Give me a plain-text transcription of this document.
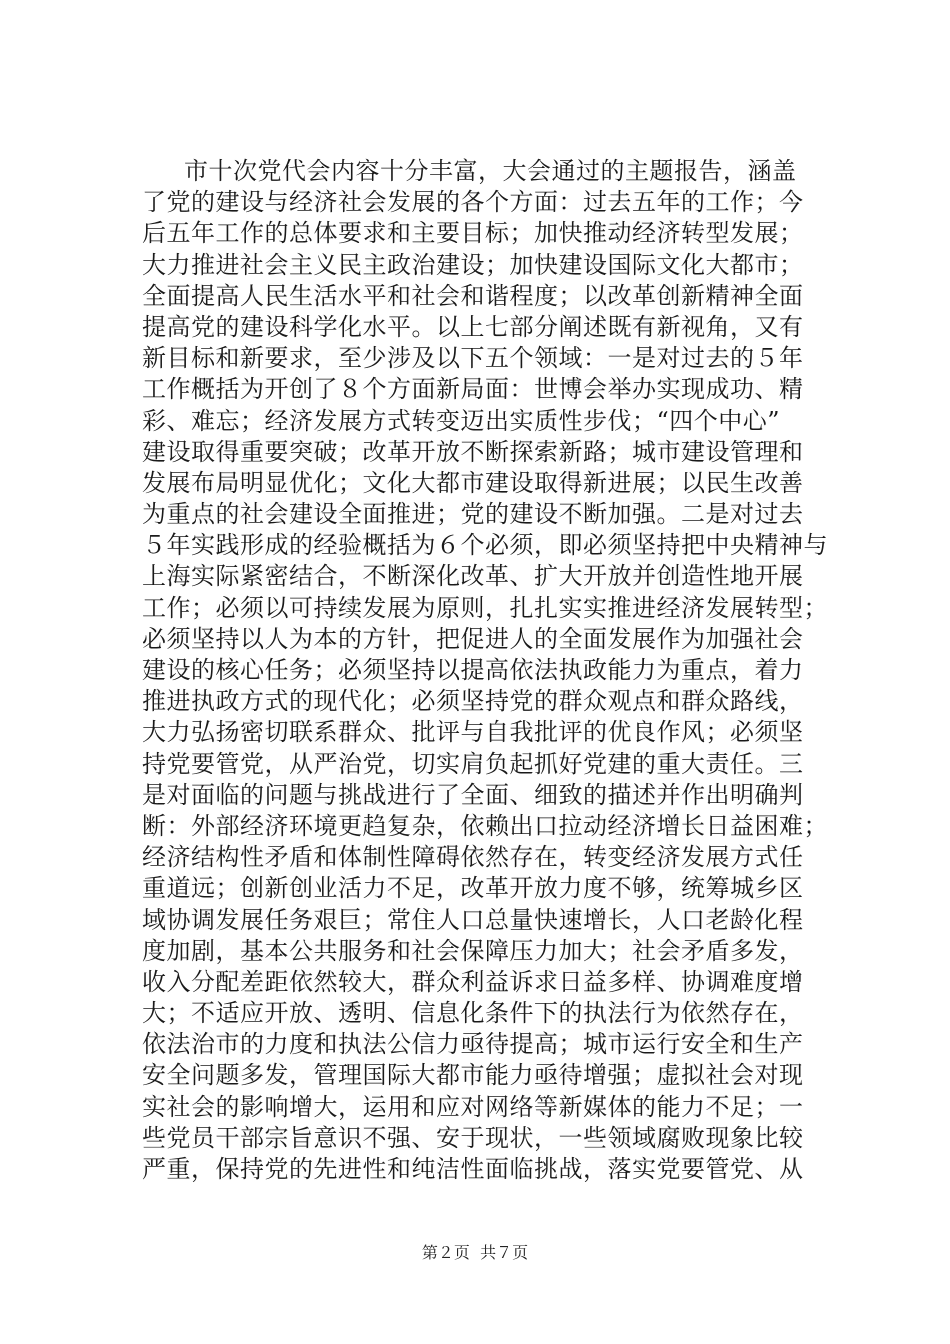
市十次党代会内容十分丰富，大会通过的主题报告，涵盖
了党的建设与经济社会发展的各个方面：过去五年的工作；今
后五年工作的总体要求和主要目标；加快推动经济转型发展；
大力推进社会主义民主政治建设；加快建设国际文化大都市；
全面提高人民生活水平和社会和谐程度；以改革创新精神全面
提高党的建设科学化水平。以上七部分阐述既有新视角，又有
新目标和新要求，至少涉及以下五个领域：一是对过去的５年
工作概括为开创了８个方面新局面：世博会举办实现成功、精
彩、难忘；经济发展方式转变迈出实质性步伐；“四个中心”
建设取得重要突破；改革开放不断探索新路；城市建设管理和
发展布局明显优化；文化大都市建设取得新进展；以民生改善
为重点的社会建设全面推进；党的建设不断加强。二是对过去
５年实践形成的经验概括为６个必须，即必须坚持把中央精神与
上海实际紧密结合，不断深化改革、扩大开放并创造性地开展
工作；必须以可持续发展为原则，扎扎实实推进经济发展转型；
必须坚持以人为本的方针，把促进人的全面发展作为加强社会
建设的核心任务；必须坚持以提高依法执政能力为重点，着力
推进执政方式的现代化；必须坚持党的群众观点和群众路线，
大力弘扬密切联系群众、批评与自我批评的优良作风；必须坚
持党要管党，从严治党，切实肩负起抓好党建的重大责任。三
是对面临的问题与挑战进行了全面、细致的描述并作出明确判
断：外部经济环境更趋复杂，依赖出口拉动经济增长日益困难；
经济结构性矛盾和体制性障碍依然存在，转变经济发展方式任
重道远；创新创业活力不足，改革开放力度不够，统筹城乡区
域协调发展任务艰巨；常住人口总量快速增长，人口老龄化程
度加剧，基本公共服务和社会保障压力加大；社会矛盾多发，
收入分配差距依然较大，群众利益诉求日益多样、协调难度增
大；不适应开放、透明、信息化条件下的执法行为依然存在，
依法治市的力度和执法公信力亟待提高；城市运行安全和生产
安全问题多发，管理国际大都市能力亟待增强；虚拟社会对现
实社会的影响增大，运用和应对网络等新媒体的能力不足；一
些党员干部宗旨意识不强、安于现状，一些领域腐败现象比较
严重，保持党的先进性和纯洁性面临挑战，落实党要管党、从
第２页 共７页
